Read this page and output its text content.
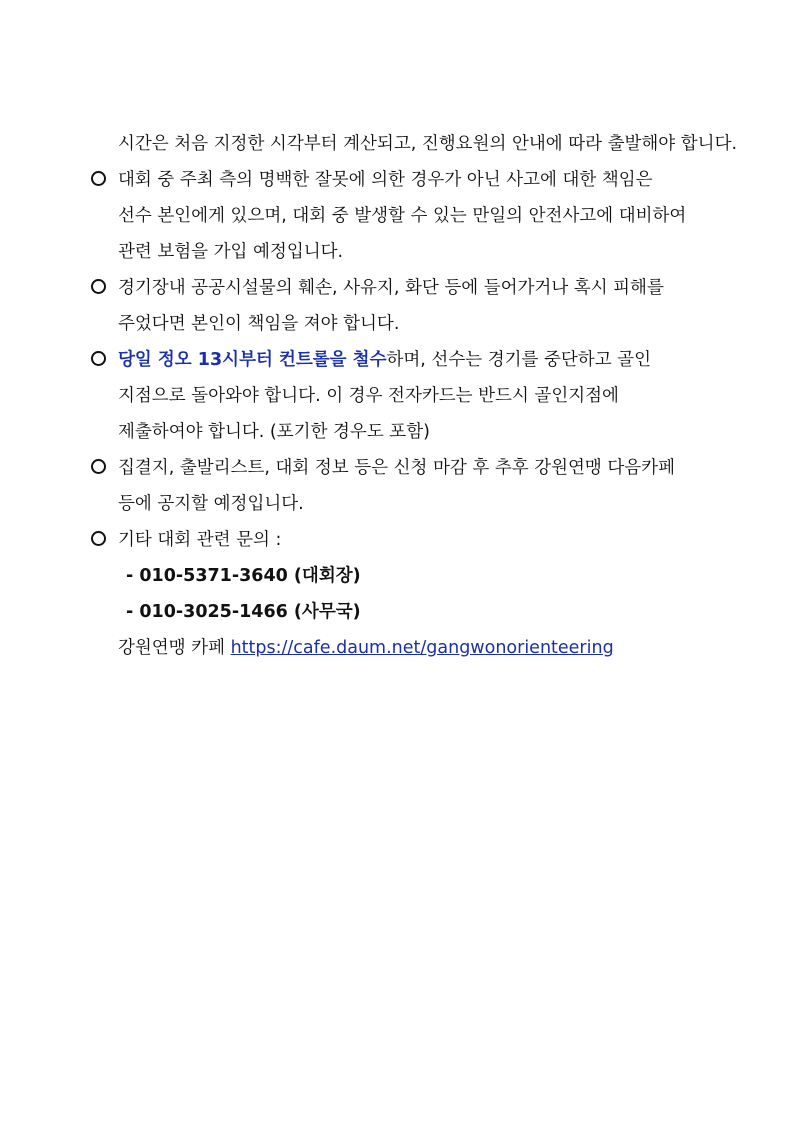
시간은 처음 지정한 시각부터 계산되고, 진행요원의 안내에 따라 출발해야 합니다.
대회 중 주최 측의 명백한 잘못에 의한 경우가 아닌 사고에 대한 책임은
선수 본인에게 있으며, 대회 중 발생할 수 있는 만일의 안전사고에 대비하여
관련 보험을 가입 예정입니다.
경기장내 공공시설물의 훼손, 사유지, 화단 등에 들어가거나 혹시 피해를
주었다면 본인이 책임을 져야 합니다.
당일 정오 13시부터 컨트롤을 철수하며, 선수는 경기를 중단하고 골인
지점으로 돌아와야 합니다. 이 경우 전자카드는 반드시 골인지점에
제출하여야 합니다. (포기한 경우도 포함)
집결지, 출발리스트, 대회 정보 등은 신청 마감 후 추후 강원연맹 다음카페
등에 공지할 예정입니다.
기타 대회 관련 문의 :
- 010-5371-3640 (대회장)
- 010-3025-1466 (사무국)
강원연맹 카페 https://cafe.daum.net/gangwonorienteering
